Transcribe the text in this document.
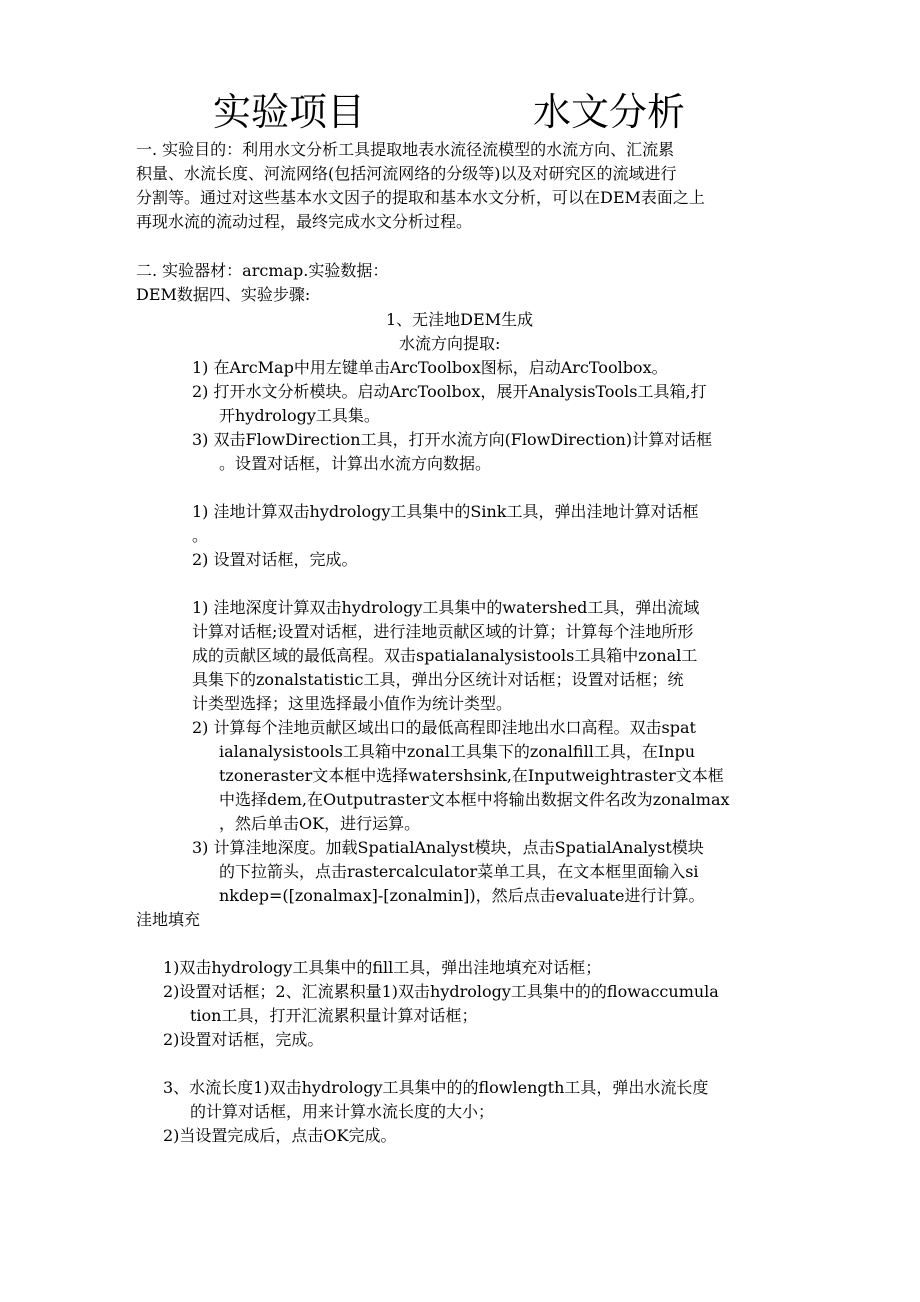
实验项目	水文分析
一. 实验目的：利用水文分析工具提取地表水流径流模型的水流方向、汇流累
积量、水流长度、河流网络(包括河流网络的分级等)以及对研究区的流域进行
分割等。通过对这些基本水文因子的提取和基本水文分析，可以在DEM表面之上
再现水流的流动过程，最终完成水文分析过程。
二. 实验器材：arcmap.实验数据：
DEM数据四、实验步骤:
1、无洼地DEM生成
水流方向提取:
1) 在ArcMap中用左键单击ArcToolbox图标，启动ArcToolbox。
2) 打开水文分析模块。启动ArcToolbox，展开AnalysisTools工具箱,打
开hydrology工具集。
3) 双击FlowDirection工具，打开水流方向(FlowDirection)计算对话框
。设置对话框，计算出水流方向数据。
1) 洼地计算双击hydrology工具集中的Sink工具，弹出洼地计算对话框
。
2) 设置对话框，完成。
1) 洼地深度计算双击hydrology工具集中的watershed工具，弹出流域
计算对话框;设置对话框，进行洼地贡献区域的计算；计算每个洼地所形
成的贡献区域的最低高程。双击spatialanalysistools工具箱中zonal工
具集下的zonalstatistic工具，弹出分区统计对话框；设置对话框；统
计类型选择；这里选择最小值作为统计类型。
2) 计算每个洼地贡献区域出口的最低高程即洼地出水口高程。双击spat
ialanalysistools工具箱中zonal工具集下的zonalfill工具，在Inpu
tzoneraster文本框中选择watershsink,在Inputweightraster文本框
中选择dem,在Outputraster文本框中将输出数据文件名改为zonalmax
，然后单击OK，进行运算。
3) 计算洼地深度。加载SpatialAnalyst模块，点击SpatialAnalyst模块
的下拉箭头，点击rastercalculator菜单工具，在文本框里面输入si
nkdep=([zonalmax]-[zonalmin])，然后点击evaluate进行计算。
洼地填充
1)双击hydrology工具集中的fill工具，弹出洼地填充对话框；
2)设置对话框；2、汇流累积量1)双击hydrology工具集中的的flowaccumula
tion工具，打开汇流累积量计算对话框；
2)设置对话框，完成。
3、水流长度1)双击hydrology工具集中的的flowlength工具，弹出水流长度
的计算对话框，用来计算水流长度的大小；
2)当设置完成后，点击OK完成。
